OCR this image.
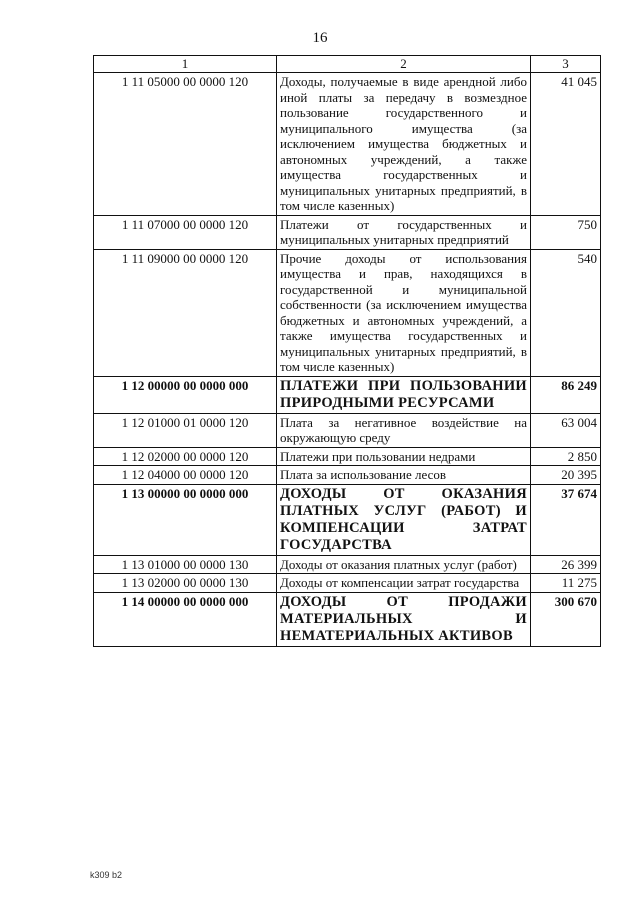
16
1	2	3
1 11 05000 00 0000 120	Доходы, получаемые в виде арендной либо иной платы за передачу в возмездное пользование государственного и муниципального имущества (за исключением имущества бюджетных и автономных учреждений, а также имущества государственных и муниципальных унитарных предприятий, в том числе казенных)	41 045
1 11 07000 00 0000 120	Платежи от государственных и муниципальных унитарных предприятий	750
1 11 09000 00 0000 120	Прочие доходы от использования имущества и прав, находящихся в государственной и муниципальной собственности (за исключением имущества бюджетных и автономных учреждений, а также имущества государственных и муниципальных унитарных предприятий, в том числе казенных)	540
1 12 00000 00 0000 000	ПЛАТЕЖИ ПРИ ПОЛЬЗОВАНИИ ПРИРОДНЫМИ РЕСУРСАМИ	86 249
1 12 01000 01 0000 120	Плата за негативное воздействие на окружающую среду	63 004
1 12 02000 00 0000 120	Платежи при пользовании недрами	2 850
1 12 04000 00 0000 120	Плата за использование лесов	20 395
1 13 00000 00 0000 000	ДОХОДЫ ОТ ОКАЗАНИЯ ПЛАТНЫХ УСЛУГ (РАБОТ) И КОМПЕНСАЦИИ ЗАТРАТ ГОСУДАРСТВА	37 674
1 13 01000 00 0000 130	Доходы от оказания платных услуг (работ)	26 399
1 13 02000 00 0000 130	Доходы от компенсации затрат государства	11 275
1 14 00000 00 0000 000	ДОХОДЫ ОТ ПРОДАЖИ МАТЕРИАЛЬНЫХ И НЕМАТЕРИАЛЬНЫХ АКТИВОВ	300 670
k309 b2
